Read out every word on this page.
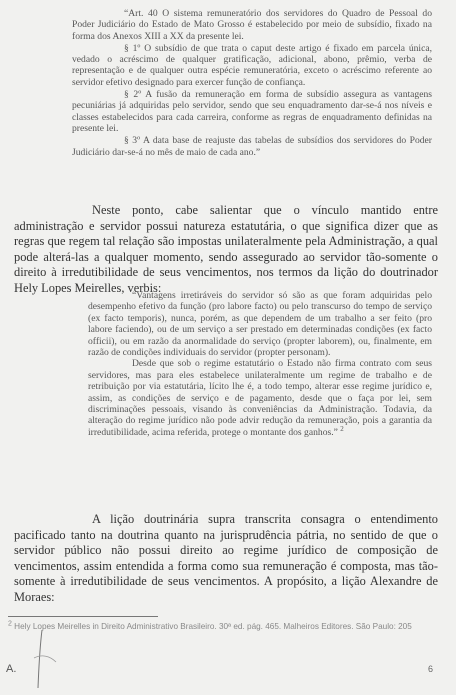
“Art. 40 O sistema remuneratório dos servidores do Quadro de Pessoal do Poder Judiciário do Estado de Mato Grosso é estabelecido por meio de subsídio, fixado na forma dos Anexos XIII a XX da presente lei.

§ 1º O subsídio de que trata o caput deste artigo é fixado em parcela única, vedado o acréscimo de qualquer gratificação, adicional, abono, prêmio, verba de representação e de qualquer outra espécie remuneratória, exceto o acréscimo referente ao servidor efetivo designado para exercer função de confiança.

§ 2º A fusão da remuneração em forma de subsídio assegura as vantagens pecuniárias já adquiridas pelo servidor, sendo que seu enquadramento dar-se-á nos níveis e classes estabelecidos para cada carreira, conforme as regras de enquadramento definidas na presente lei.

§ 3º A data base de reajuste das tabelas de subsídios dos servidores do Poder Judiciário dar-se-á no mês de maio de cada ano.”

Neste ponto, cabe salientar que o vínculo mantido entre administração e servidor possui natureza estatutária, o que significa dizer que as regras que regem tal relação são impostas unilateralmente pela Administração, a qual pode alterá-las a qualquer momento, sendo assegurado ao servidor tão-somente o direito à irredutibilidade de seus vencimentos, nos termos da lição do doutrinador Hely Lopes Meirelles, verbis:

“Vantagens irretiráveis do servidor só são as que foram adquiridas pelo desempenho efetivo da função (pro labore facto) ou pelo transcurso do tempo de serviço (ex facto temporis), nunca, porém, as que dependem de um trabalho a ser feito (pro labore faciendo), ou de um serviço a ser prestado em determinadas condições (ex facto officii), ou em razão da anormalidade do serviço (propter laborem), ou, finalmente, em razão de condições individuais do servidor (propter personam).

Desde que sob o regime estatutário o Estado não firma contrato com seus servidores, mas para eles estabelece unilateralmente um regime de trabalho e de retribuição por via estatutária, lícito lhe é, a todo tempo, alterar esse regime jurídico e, assim, as condições de serviço e de pagamento, desde que o faça por lei, sem discriminações pessoais, visando às conveniências da Administração. Todavia, da alteração do regime jurídico não pode advir redução da remuneração, pois a garantia da irredutibilidade, acima referida, protege o montante dos ganhos.” $^2$

A lição doutrinária supra transcrita consagra o entendimento pacificado tanto na doutrina quanto na jurisprudência pátria, no sentido de que o servidor público não possui direito ao regime jurídico de composição de vencimentos, assim entendida a forma como sua remuneração é composta, mas tão-somente à irredutibilidade de seus vencimentos. A propósito, a lição Alexandre de Moraes:

$^2$ Hely Lopes Meirelles in Direito Administrativo Brasileiro. 30ª ed. pág. 465. Malheiros Editores. São Paulo: 205
A.	6
